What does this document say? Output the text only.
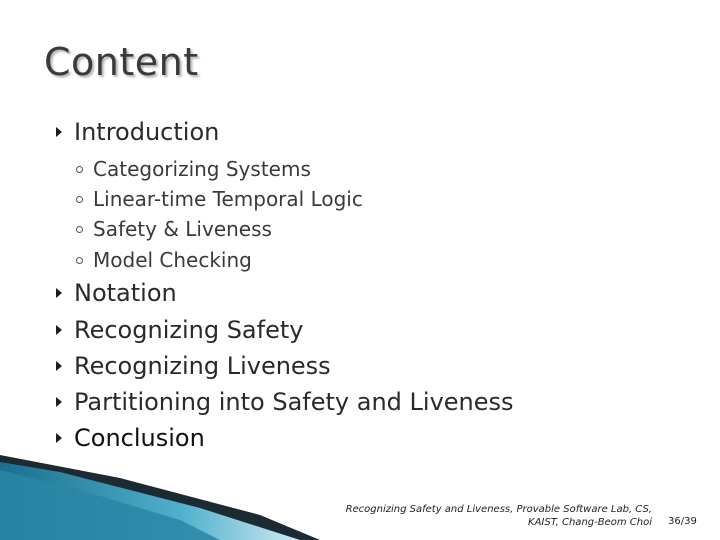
Content
Introduction
Categorizing Systems
Linear-time Temporal Logic
Safety & Liveness
Model Checking
Notation
Recognizing Safety
Recognizing Liveness
Partitioning into Safety and Liveness
Conclusion
Recognizing Safety and Liveness, Provable Software Lab, CS,
KAIST, Chang-Beom Choi 36/39
